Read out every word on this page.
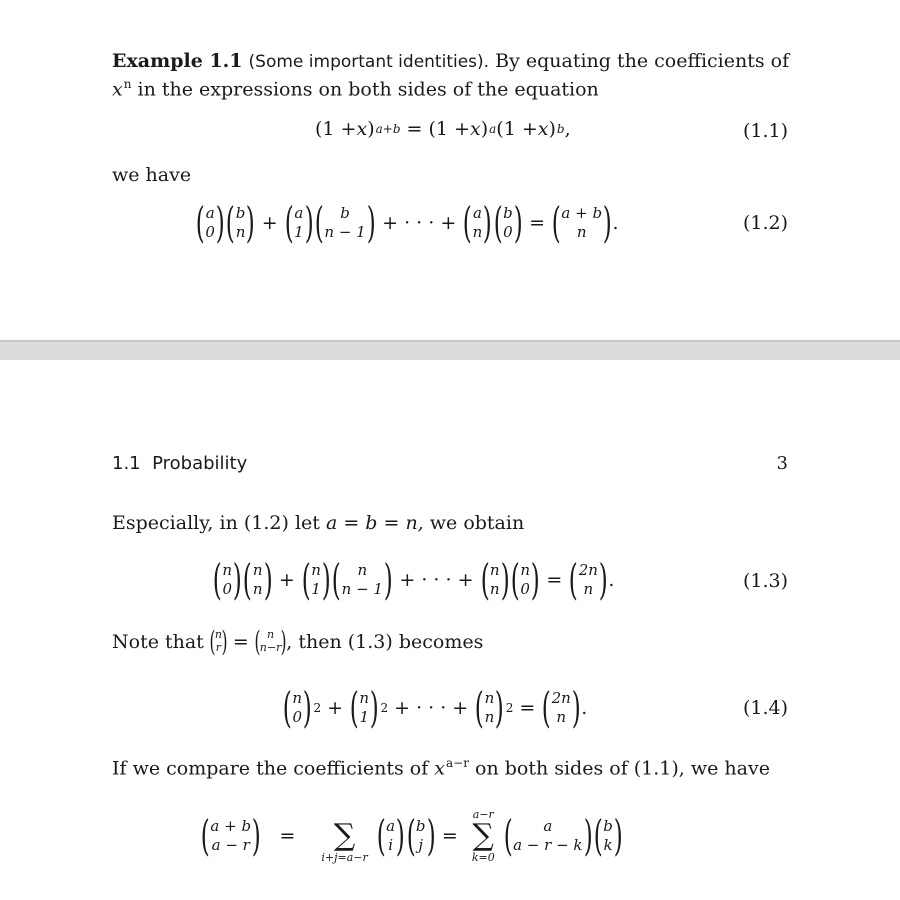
Example 1.1 (Some important identities). By equating the coefficients of
$x^n$ in the expressions on both sides of the equation
(1 + x ) a+b = (1 + x ) a (1 + x ) b ,	(1.1)
we have
( a
0 ) ( b
n ) + ( a
1 ) ( b
n − 1 ) + · · · + ( a
n ) ( b
0 ) = ( a + b
n ) .	(1.2)
1.1 Probability	3
Especially, in (1.2) let a = b = n, we obtain
( n
0 ) ( n
n ) + ( n
1 ) ( n
n − 1 ) + · · · + ( n
n ) ( n
0 ) = ( 2n
n ) .	(1.3)
Note that
( n
r ) = ( n
n−r ) , then (1.3) becomes
( n
0 ) 2 + ( n
1 ) 2 + · · · + ( n
n ) 2 = ( 2n
n ) .	(1.4)
If we compare the coefficients of $x^{a-r}$ on both sides of (1.1), we have
( a + b
a − r ) =
∑
i+j=a−r ( a
i ) ( b
j ) =
a−r
∑
k=0 ( a
a − r − k ) ( b
k )
